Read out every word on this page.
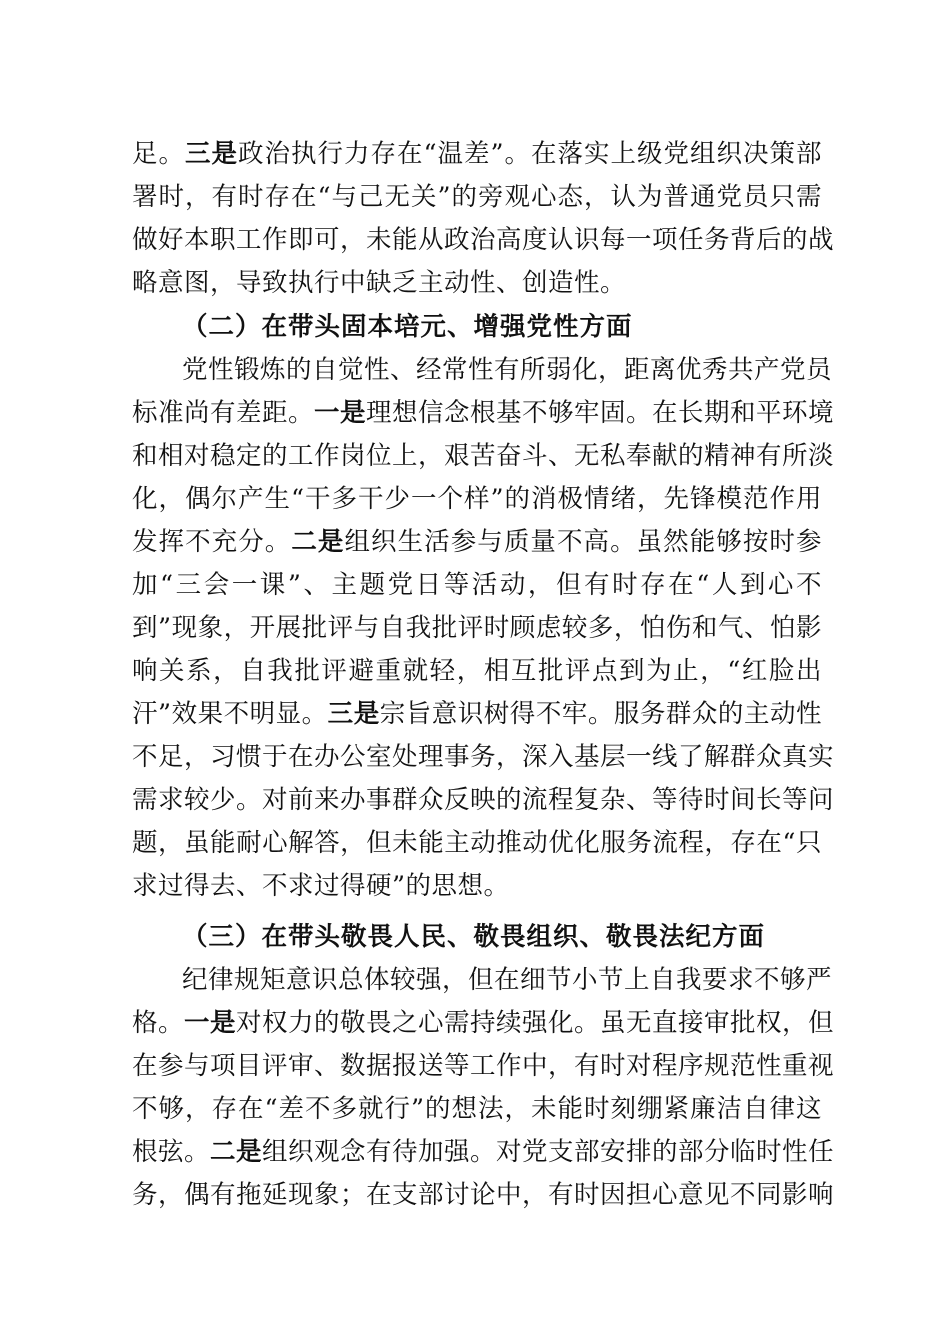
足。三是政治执行力存在“温差”。在落实上级党组织决策部
署时，有时存在“与己无关”的旁观心态，认为普通党员只需
做好本职工作即可，未能从政治高度认识每一项任务背后的战
略意图，导致执行中缺乏主动性、创造性。
（二）在带头固本培元、增强党性方面
党性锻炼的自觉性、经常性有所弱化，距离优秀共产党员
标准尚有差距。一是理想信念根基不够牢固。在长期和平环境
和相对稳定的工作岗位上，艰苦奋斗、无私奉献的精神有所淡
化，偶尔产生“干多干少一个样”的消极情绪，先锋模范作用
发挥不充分。二是组织生活参与质量不高。虽然能够按时参
加“三会一课”、主题党日等活动，但有时存在“人到心不
到”现象，开展批评与自我批评时顾虑较多，怕伤和气、怕影
响关系，自我批评避重就轻，相互批评点到为止，“红脸出
汗”效果不明显。三是宗旨意识树得不牢。服务群众的主动性
不足，习惯于在办公室处理事务，深入基层一线了解群众真实
需求较少。对前来办事群众反映的流程复杂、等待时间长等问
题，虽能耐心解答，但未能主动推动优化服务流程，存在“只
求过得去、不求过得硬”的思想。
（三）在带头敬畏人民、敬畏组织、敬畏法纪方面
纪律规矩意识总体较强，但在细节小节上自我要求不够严
格。一是对权力的敬畏之心需持续强化。虽无直接审批权，但
在参与项目评审、数据报送等工作中，有时对程序规范性重视
不够，存在“差不多就行”的想法，未能时刻绷紧廉洁自律这
根弦。二是组织观念有待加强。对党支部安排的部分临时性任
务，偶有拖延现象；在支部讨论中，有时因担心意见不同影响
